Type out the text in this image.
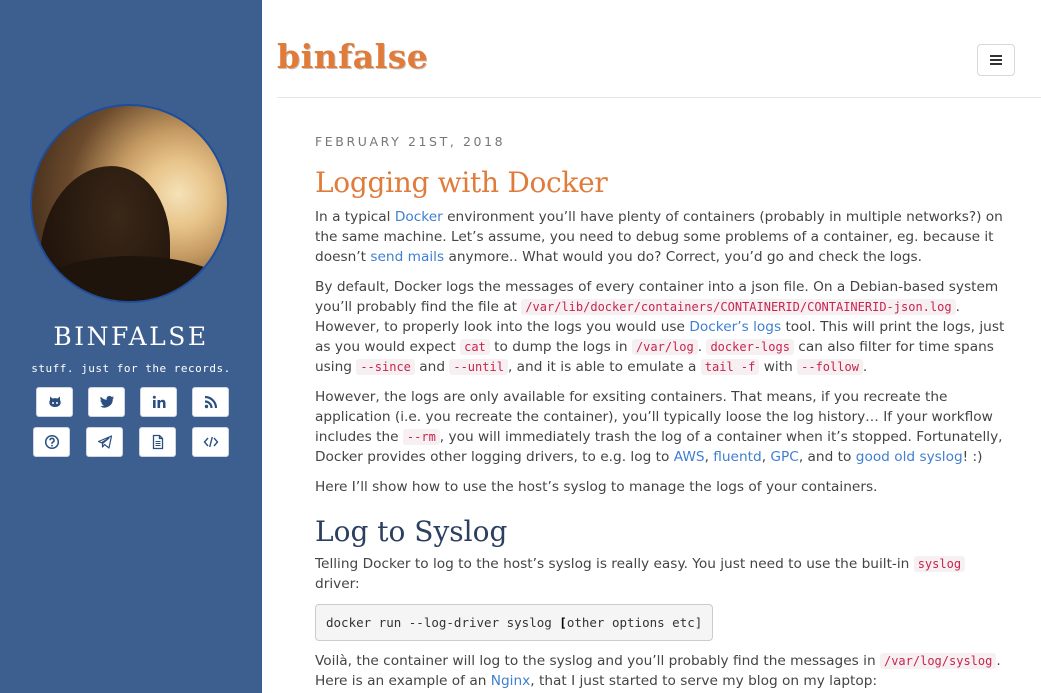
BINFALSE
stuff. just for the records.
binfalse
FEBRUARY 21ST, 2018
Logging with Docker

In a typical Docker environment you’ll have plenty of containers (probably in multiple networks?) on the same machine. Let’s assume, you need to debug some problems of a container, eg. because it doesn’t send mails anymore.. What would you do? Correct, you’d go and check the logs.

By default, Docker logs the messages of every container into a json file. On a Debian-based system you’ll probably find the file at /var/lib/docker/containers/CONTAINERID/CONTAINERID-json.log . However, to properly look into the logs you would use Docker’s logs tool. This will print the logs, just as you would expect cat to dump the logs in /var/log . docker-logs can also filter for time spans using --since and --until , and it is able to emulate a tail -f with --follow .

However, the logs are only available for exsiting containers. That means, if you recreate the application (i.e. you recreate the container), you’ll typically loose the log history… If your workflow includes the --rm , you will immediately trash the log of a container when it’s stopped. Fortunatelly, Docker provides other logging drivers, to e.g. log to AWS, fluentd, GPC, and to good old syslog! :)

Here I’ll show how to use the host’s syslog to manage the logs of your containers.

Log to Syslog

Telling Docker to log to the host’s syslog is really easy. You just need to use the built-in syslog driver:

docker run --log-driver syslog [other options etc]

Voilà, the container will log to the syslog and you’ll probably find the messages in /var/log/syslog . Here is an example of an Nginx, that I just started to serve my blog on my laptop:
